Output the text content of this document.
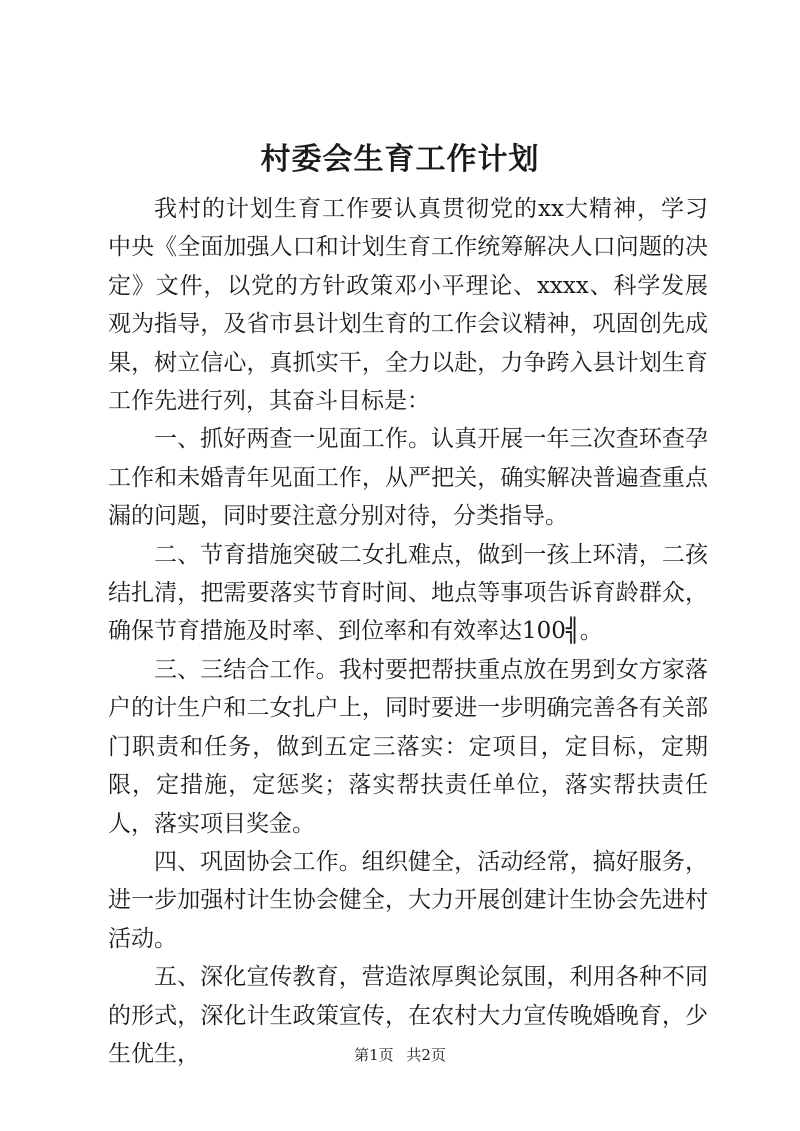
村委会生育工作计划

我村的计划生育工作要认真贯彻党的xx大精神，学习中央《全面加强人口和计划生育工作统筹解决人口问题的决定》文件，以党的方针政策邓小平理论、xxxx、科学发展观为指导，及省市县计划生育的工作会议精神，巩固创先成果，树立信心，真抓实干，全力以赴，力争跨入县计划生育工作先进行列，其奋斗目标是：

一、抓好两查一见面工作。认真开展一年三次查环查孕工作和未婚青年见面工作，从严把关，确实解决普遍查重点漏的问题，同时要注意分别对待，分类指导。

二、节育措施突破二女扎难点，做到一孩上环清，二孩结扎清，把需要落实节育时间、地点等事项告诉育龄群众，确保节育措施及时率、到位率和有效率达100╣。

三、三结合工作。我村要把帮扶重点放在男到女方家落户的计生户和二女扎户上，同时要进一步明确完善各有关部门职责和任务，做到五定三落实：定项目，定目标，定期限，定措施，定惩奖；落实帮扶责任单位，落实帮扶责任人，落实项目奖金。

四、巩固协会工作。组织健全，活动经常，搞好服务，进一步加强村计生协会健全，大力开展创建计生协会先进村活动。

五、深化宣传教育，营造浓厚舆论氛围，利用各种不同的形式，深化计生政策宣传，在农村大力宣传晚婚晚育，少生优生，	第1页 共2页
